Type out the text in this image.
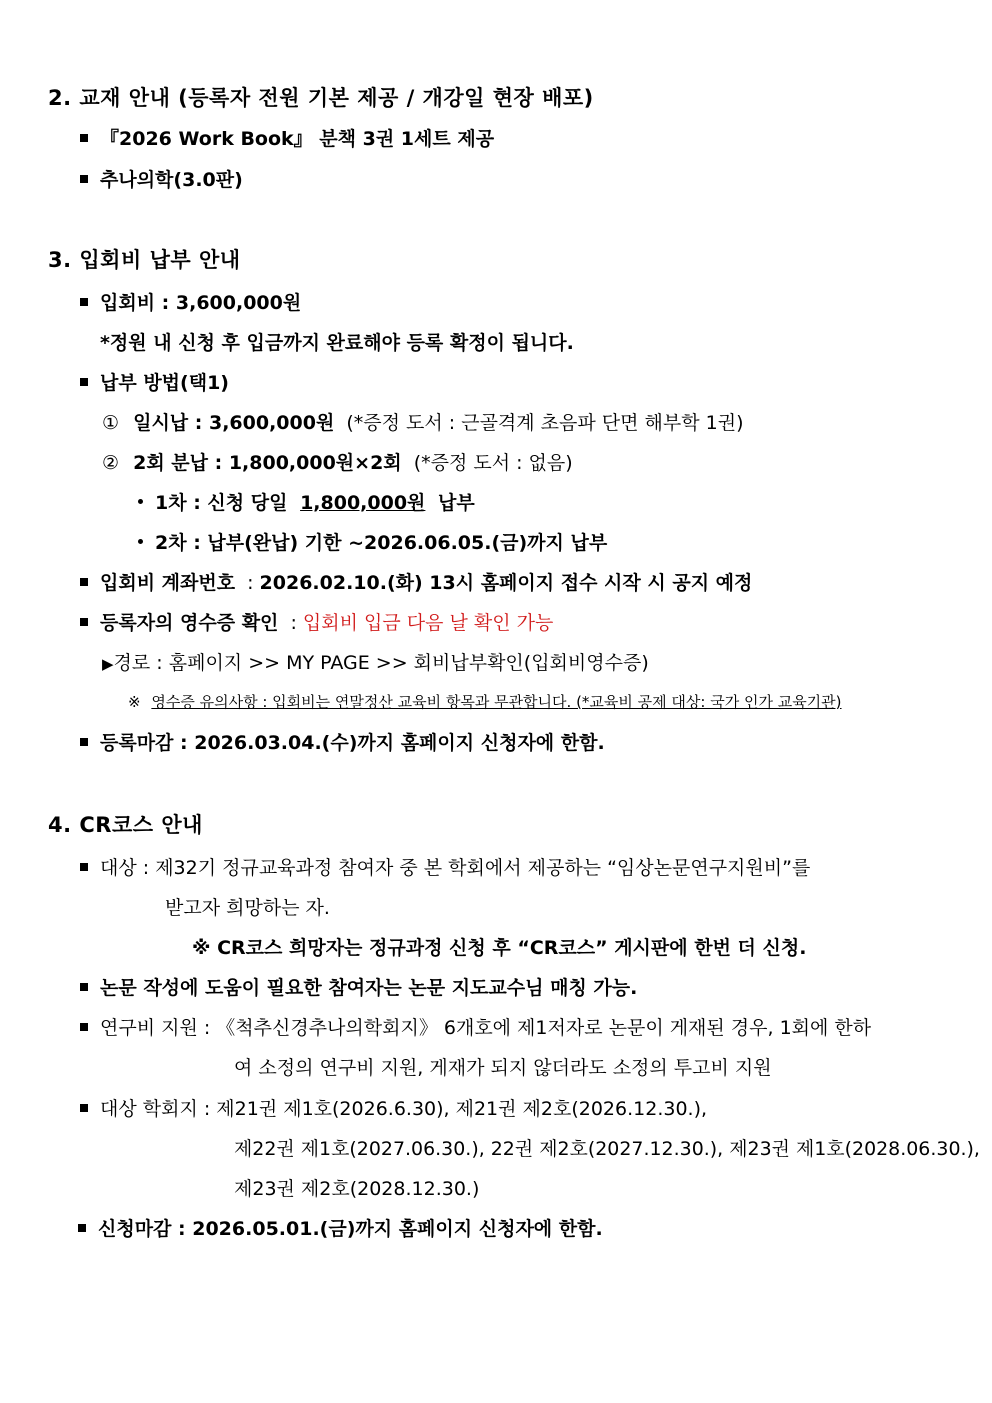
2. 교재 안내 (등록자 전원 기본 제공 / 개강일 현장 배포)
『2026 Work Book』 분책 3권 1세트 제공
추나의학(3.0판)
3. 입회비 납부 안내
입회비 : 3,600,000원
*정원 내 신청 후 입금까지 완료해야 등록 확정이 됩니다.
납부 방법(택1)
① 일시납 : 3,600,000원 (*증정 도서 : 근골격계 초음파 단면 해부학 1권)
② 2회 분납 : 1,800,000원×2회 (*증정 도서 : 없음)
1차 : 신청 당일 1,800,000원 납부
2차 : 납부(완납) 기한 ~2026.06.05.(금)까지 납부
입회비 계좌번호 : 2026.02.10.(화) 13시 홈페이지 접수 시작 시 공지 예정
등록자의 영수증 확인 : 입회비 입금 다음 날 확인 가능
▶경로 : 홈페이지 >> MY PAGE >> 회비납부확인(입회비영수증)
※ 영수증 유의사항 : 입회비는 연말정산 교육비 항목과 무관합니다. (*교육비 공제 대상: 국가 인가 교육기관)
등록마감 : 2026.03.04.(수)까지 홈페이지 신청자에 한함.
4. CR코스 안내
대상 : 제32기 정규교육과정 참여자 중 본 학회에서 제공하는 “임상논문연구지원비”를
받고자 희망하는 자.
※ CR코스 희망자는 정규과정 신청 후 “CR코스” 게시판에 한번 더 신청.
논문 작성에 도움이 필요한 참여자는 논문 지도교수님 매칭 가능.
연구비 지원 : 《척추신경추나의학회지》 6개호에 제1저자로 논문이 게재된 경우, 1회에 한하
여 소정의 연구비 지원, 게재가 되지 않더라도 소정의 투고비 지원
대상 학회지 : 제21권 제1호(2026.6.30), 제21권 제2호(2026.12.30.),
제22권 제1호(2027.06.30.), 22권 제2호(2027.12.30.), 제23권 제1호(2028.06.30.),
제23권 제2호(2028.12.30.)
신청마감 : 2026.05.01.(금)까지 홈페이지 신청자에 한함.
